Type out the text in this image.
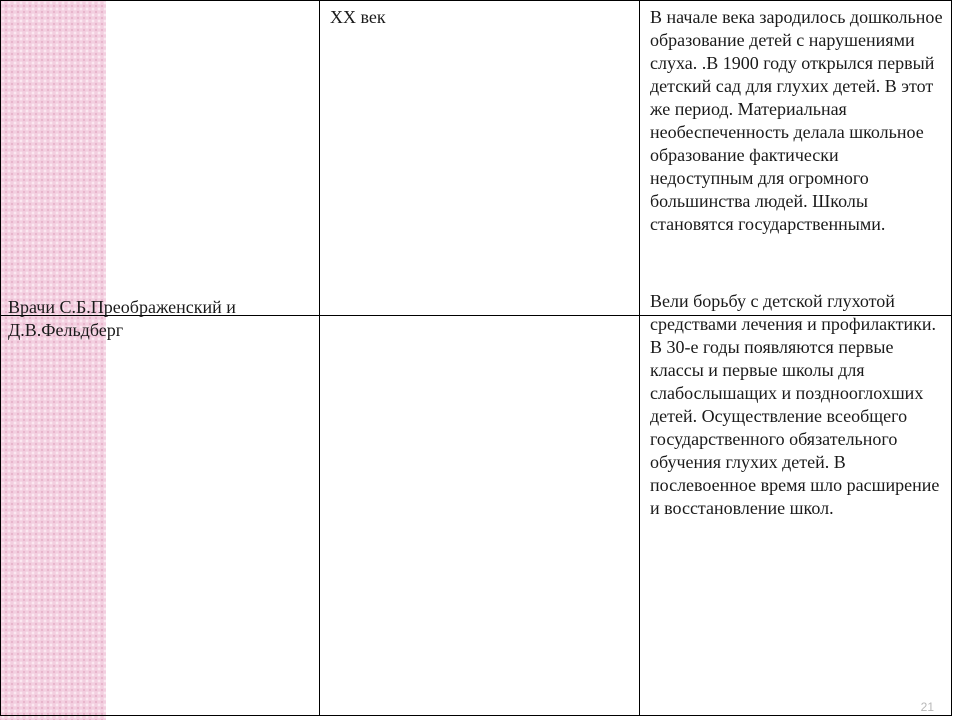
Врачи С.Б.Преображенский и Д.В.Фельдберг

XX век	В начале века зародилось дошкольное образование детей с нарушениями слуха. .В 1900 году открылся первый детский сад для глухих детей. В этот же период. Материальная необеспеченность делала школьное образование фактически недоступным для огромного большинства людей. Школы становятся государственными.

Вели борьбу с детской глухотой средствами лечения и профилактики. В 30-е годы появляются первые классы и первые школы для слабослышащих и позднооглохших детей. Осуществление всеобщего государственного обязательного обучения глухих детей. В послевоенное время шло расширение и восстановление школ.

21
